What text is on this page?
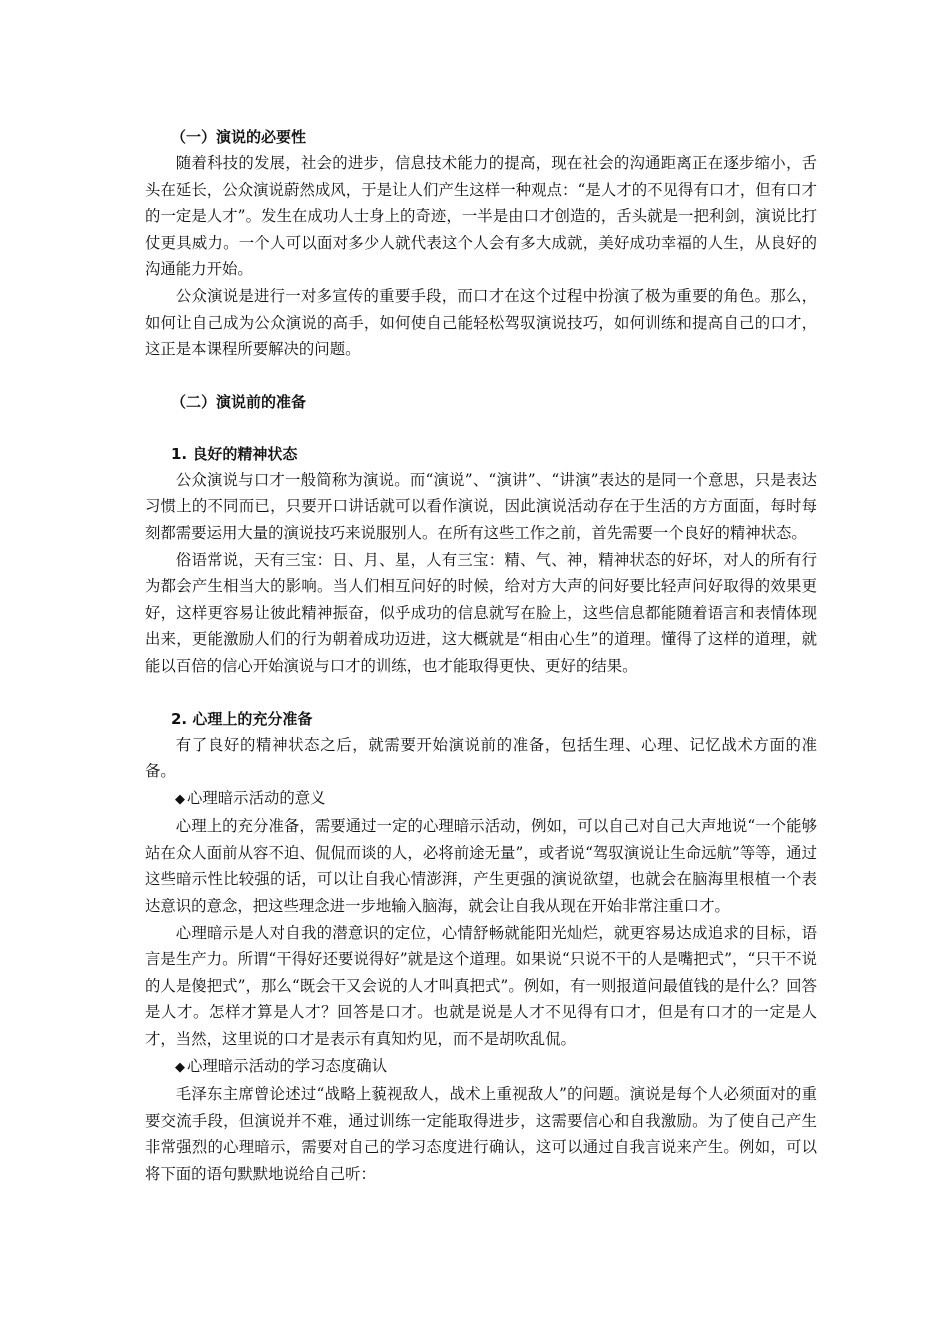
（一）演说的必要性

随着科技的发展，社会的进步，信息技术能力的提高，现在社会的沟通距离正在逐步缩小，舌头在延长，公众演说蔚然成风，于是让人们产生这样一种观点：“是人才的不见得有口才，但有口才的一定是人才”。发生在成功人士身上的奇迹，一半是由口才创造的，舌头就是一把利剑，演说比打仗更具威力。一个人可以面对多少人就代表这个人会有多大成就，美好成功幸福的人生，从良好的沟通能力开始。

公众演说是进行一对多宣传的重要手段，而口才在这个过程中扮演了极为重要的角色。那么，如何让自己成为公众演说的高手，如何使自己能轻松驾驭演说技巧，如何训练和提高自己的口才，这正是本课程所要解决的问题。

（二）演说前的准备
1. 良好的精神状态

公众演说与口才一般简称为演说。而“演说”、“演讲”、“讲演”表达的是同一个意思，只是表达习惯上的不同而已，只要开口讲话就可以看作演说，因此演说活动存在于生活的方方面面，每时每刻都需要运用大量的演说技巧来说服别人。在所有这些工作之前，首先需要一个良好的精神状态。

俗语常说，天有三宝：日、月、星，人有三宝：精、气、神，精神状态的好坏，对人的所有行为都会产生相当大的影响。当人们相互问好的时候，给对方大声的问好要比轻声问好取得的效果更好，这样更容易让彼此精神振奋，似乎成功的信息就写在脸上，这些信息都能随着语言和表情体现出来，更能激励人们的行为朝着成功迈进，这大概就是“相由心生”的道理。懂得了这样的道理，就能以百倍的信心开始演说与口才的训练，也才能取得更快、更好的结果。

2. 心理上的充分准备

有了良好的精神状态之后，就需要开始演说前的准备，包括生理、心理、记忆战术方面的准备。

◆ 心理暗示活动的意义

心理上的充分准备，需要通过一定的心理暗示活动，例如，可以自己对自己大声地说“一个能够站在众人面前从容不迫、侃侃而谈的人，必将前途无量”，或者说“驾驭演说让生命远航”等等，通过这些暗示性比较强的话，可以让自我心情澎湃，产生更强的演说欲望，也就会在脑海里根植一个表达意识的意念，把这些理念进一步地输入脑海，就会让自我从现在开始非常注重口才。

心理暗示是人对自我的潜意识的定位，心情舒畅就能阳光灿烂，就更容易达成追求的目标，语言是生产力。所谓“干得好还要说得好”就是这个道理。如果说“只说不干的人是嘴把式”，“只干不说的人是傻把式”，那么“既会干又会说的人才叫真把式”。例如，有一则报道问最值钱的是什么？回答是人才。怎样才算是人才？回答是口才。也就是说是人才不见得有口才，但是有口才的一定是人才，当然，这里说的口才是表示有真知灼见，而不是胡吹乱侃。

◆ 心理暗示活动的学习态度确认

毛泽东主席曾论述过“战略上藐视敌人，战术上重视敌人”的问题。演说是每个人必须面对的重要交流手段，但演说并不难，通过训练一定能取得进步，这需要信心和自我激励。为了使自己产生非常强烈的心理暗示，需要对自己的学习态度进行确认，这可以通过自我言说来产生。例如，可以将下面的语句默默地说给自己听：
